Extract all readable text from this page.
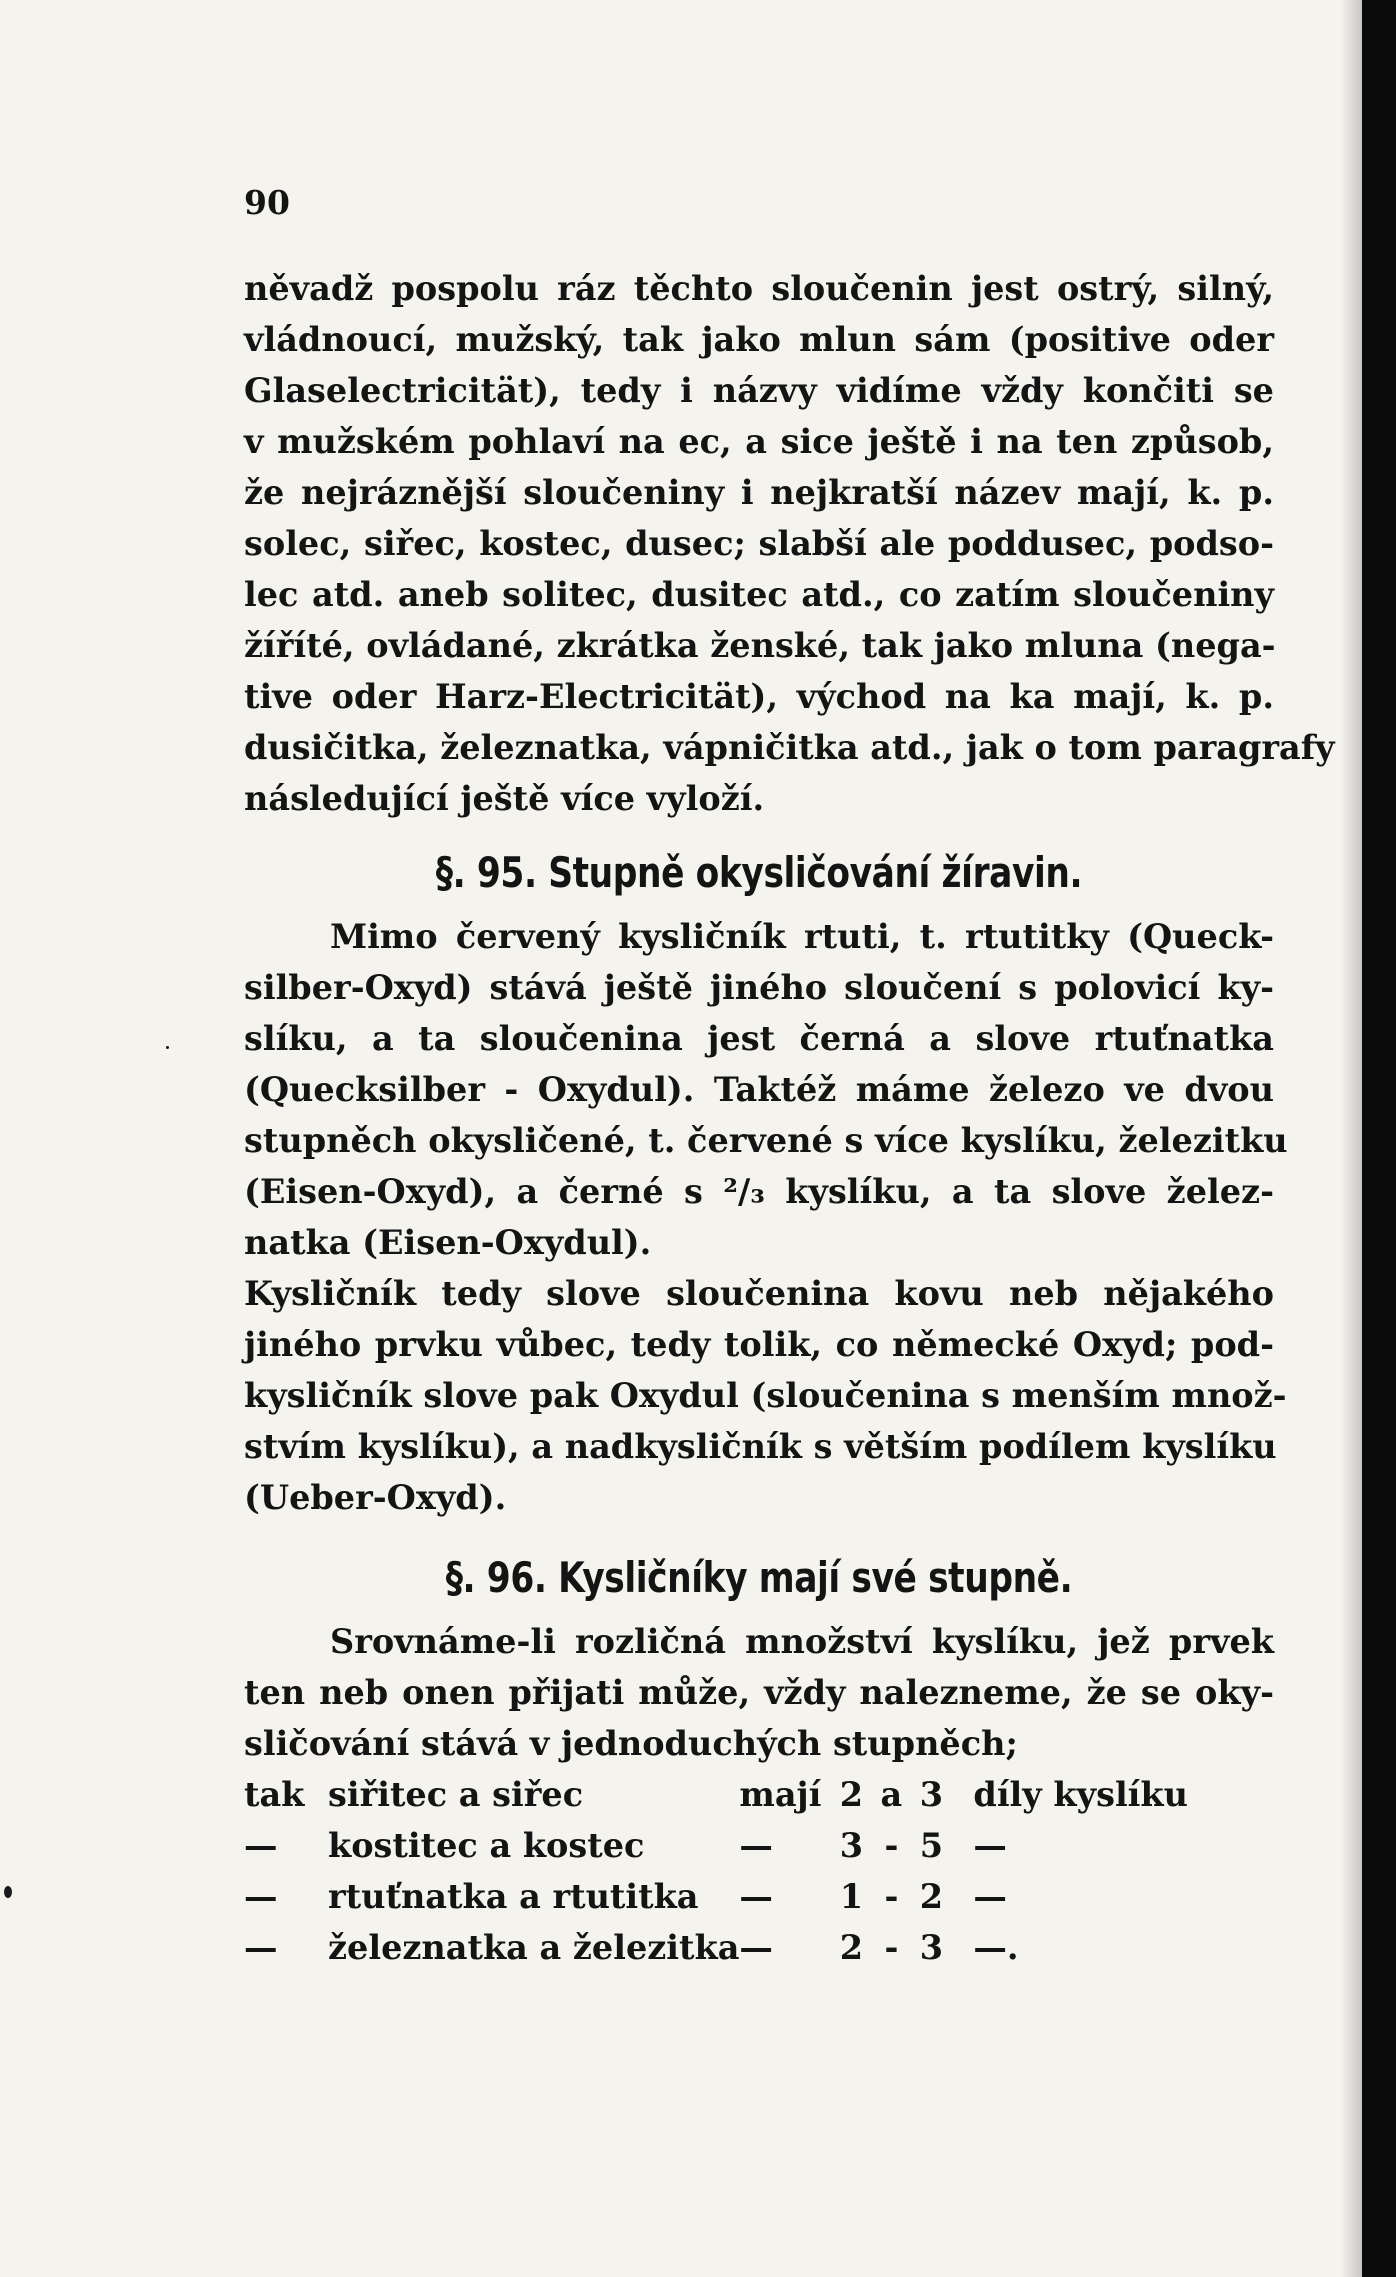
90

něvadž pospolu ráz těchto sloučenin jest ostrý, silný,
vládnoucí, mužský, tak jako mlun sám (positive oder
Glaselectricität), tedy i názvy vidíme vždy končiti se
v mužském pohlaví na ec, a sice ještě i na ten způsob,
že nejráznější sloučeniny i nejkratší název mají, k. p.
solec, siřec, kostec, dusec; slabší ale poddusec, podso-
lec atd. aneb solitec, dusitec atd., co zatím sloučeniny
žíříté, ovládané, zkrátka ženské, tak jako mluna (nega-
tive oder Harz-Electricität), východ na ka mají, k. p.
dusičitka, železnatka, vápničitka atd., jak o tom paragrafy
následující ještě více vyloží.

§. 95. Stupně okysličování žíravin.

Mimo červený kysličník rtuti, t. rtutitky (Queck-
silber-Oxyd) stává ještě jiného sloučení s polovicí ky-
slíku, a ta sloučenina jest černá a slove rtuťnatka
(Quecksilber - Oxydul). Taktéž máme železo ve dvou
stupněch okysličené, t. červené s více kyslíku, železitku
(Eisen-Oxyd), a černé s ²/₃ kyslíku, a ta slove želez-
natka (Eisen-Oxydul).

Kysličník tedy slove sloučenina kovu neb nějakého
jiného prvku vůbec, tedy tolik, co německé Oxyd; pod-
kysličník slove pak Oxydul (sloučenina s menším množ-
stvím kyslíku), a nadkysličník s větším podílem kyslíku
(Ueber-Oxyd).

§. 96. Kysličníky mají své stupně.

Srovnáme-li rozličná množství kyslíku, jež prvek
ten neb onen přijati může, vždy nalezneme, že se oky-
sličování stává v jednoduchých stupněch;

tak	siřitec a siřec	mají	2	a	3	díly kyslíku
—	kostitec a kostec	—	3	-	5	—
—	rtuťnatka a rtutitka	—	1	-	2	—
—	železnatka a železitka	—	2	-	3	—.
